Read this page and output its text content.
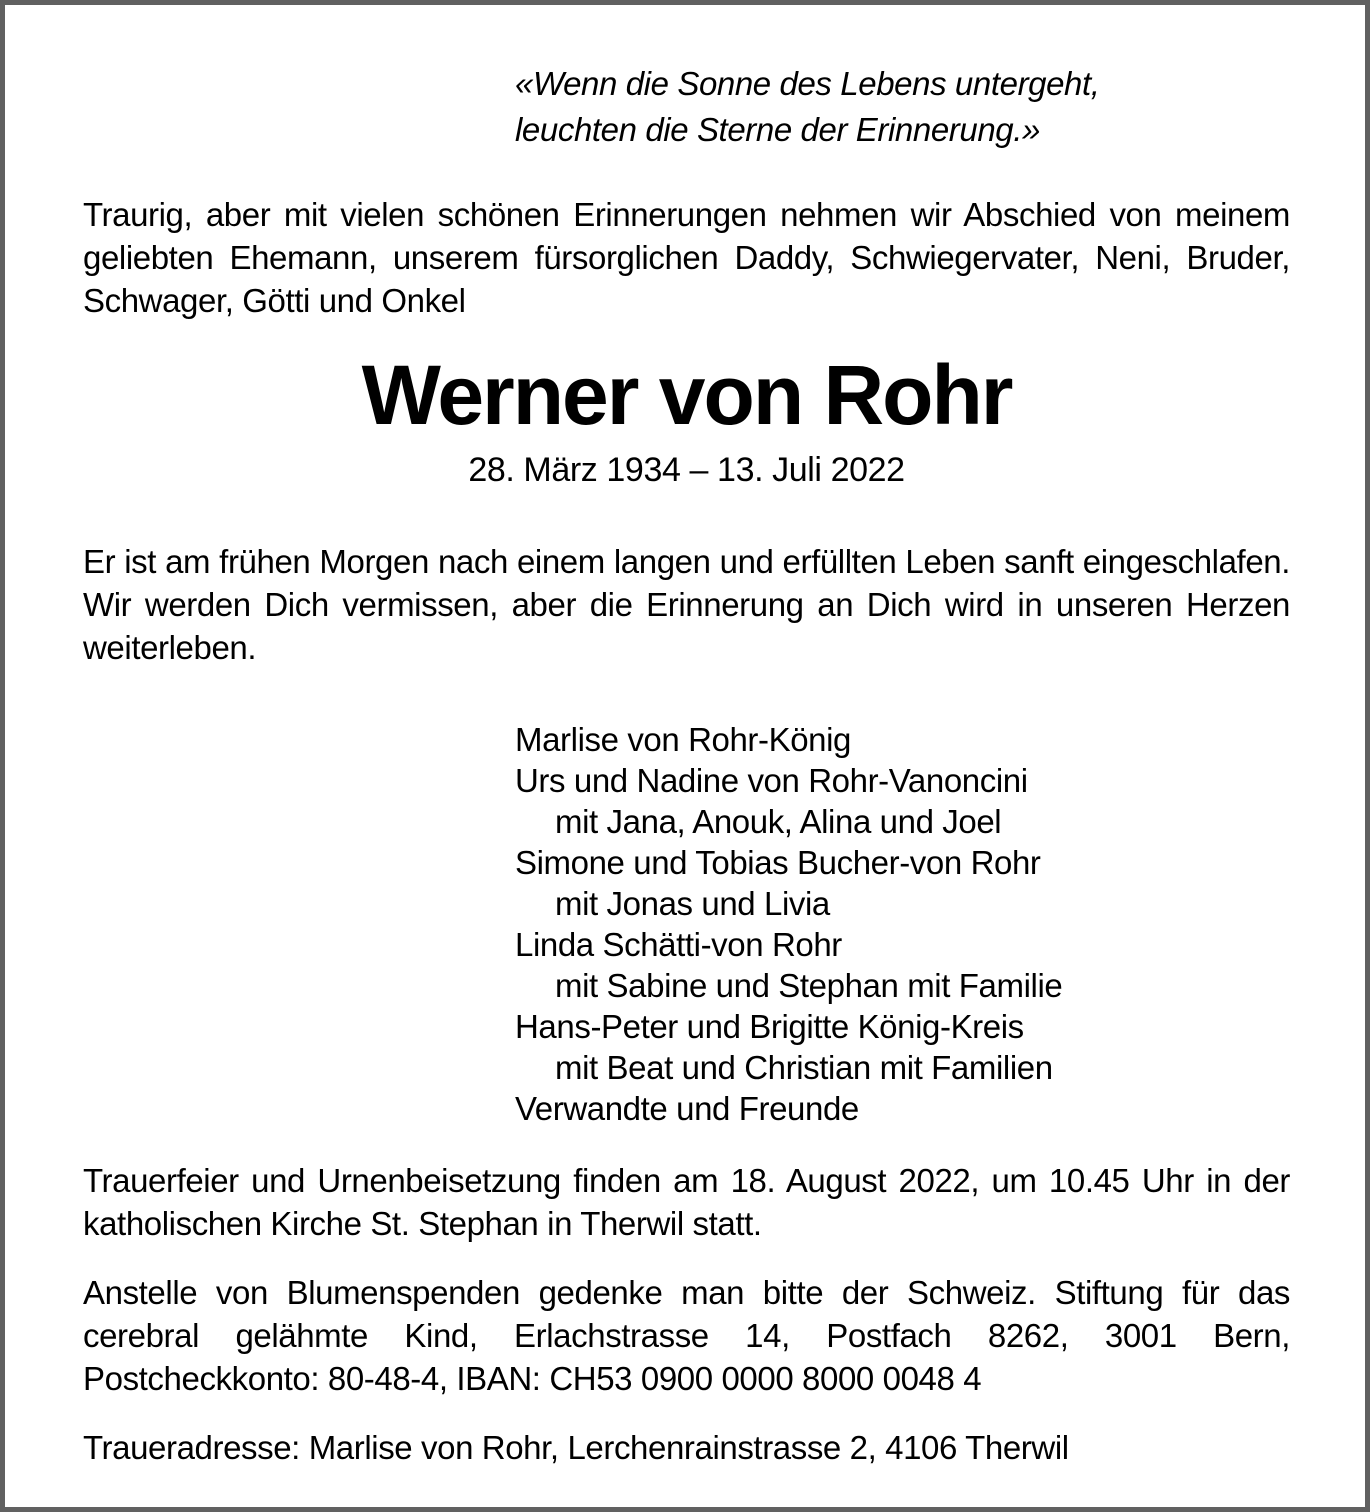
«Wenn die Sonne des Lebens untergeht,
leuchten die Sterne der Erinnerung.»
Traurig, aber mit vielen schönen Erinnerungen nehmen wir Abschied von meinem geliebten Ehemann, unserem fürsorglichen Daddy, Schwiegervater, Neni, Bruder, Schwager, Götti und Onkel
Werner von Rohr
28. März 1934 – 13. Juli 2022
Er ist am frühen Morgen nach einem langen und erfüllten Leben sanft eingeschlafen. Wir werden Dich vermissen, aber die Erinnerung an Dich wird in unseren Herzen weiterleben.
Marlise von Rohr-König
Urs und Nadine von Rohr-Vanoncini
mit Jana, Anouk, Alina und Joel
Simone und Tobias Bucher-von Rohr
mit Jonas und Livia
Linda Schätti-von Rohr
mit Sabine und Stephan mit Familie
Hans-Peter und Brigitte König-Kreis
mit Beat und Christian mit Familien
Verwandte und Freunde
Trauerfeier und Urnenbeisetzung finden am 18. August 2022, um 10.45 Uhr in der katholischen Kirche St. Stephan in Therwil statt.
Anstelle von Blumenspenden gedenke man bitte der Schweiz. Stiftung für das cerebral gelähmte Kind, Erlachstrasse 14, Postfach 8262, 3001 Bern, Postcheckkonto: 80-48-4, IBAN: CH53 0900 0000 8000 0048 4
Traueradresse: Marlise von Rohr, Lerchenrainstrasse 2, 4106 Therwil
